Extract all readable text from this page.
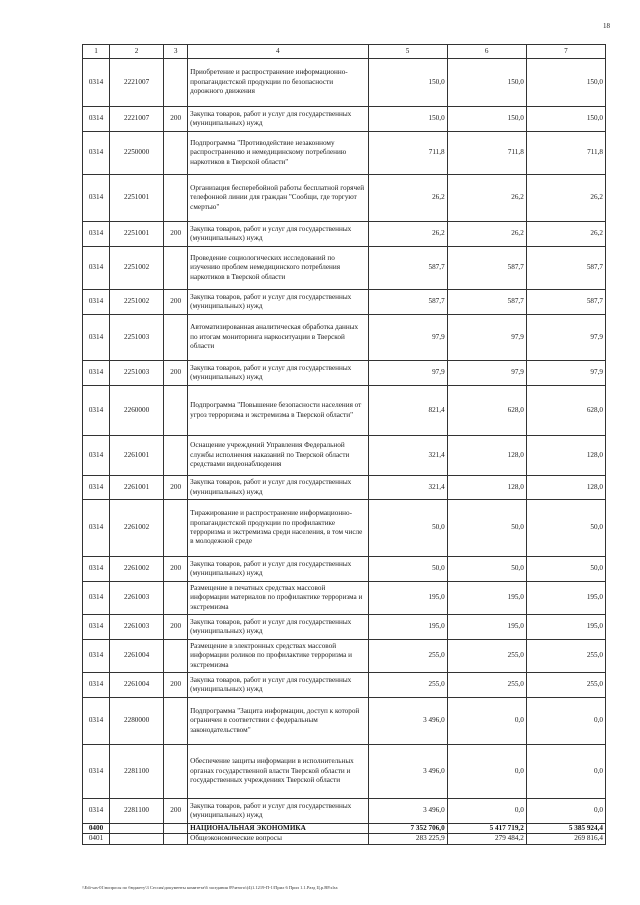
18
1	2	3	4	5	6	7
0314	2221007		Приобретение и распространение информационно-пропагандистской продукции по безопасности дорожного движения	150,0	150,0	150,0
0314	2221007	200	Закупка товаров, работ и услуг для государственных (муниципальных) нужд	150,0	150,0	150,0
0314	2250000		Подпрограмма "Противодействие незаконному распространению и немедицинскому потреблению наркотиков в Тверской области"	711,8	711,8	711,8
0314	2251001		Организация бесперебойной работы бесплатной горячей телефонной линии для граждан "Сообщи, где торгуют смертью"	26,2	26,2	26,2
0314	2251001	200	Закупка товаров, работ и услуг для государственных (муниципальных) нужд	26,2	26,2	26,2
0314	2251002		Проведение социологических исследований по изучению проблем немедицинского потребления наркотиков в Тверской области	587,7	587,7	587,7
0314	2251002	200	Закупка товаров, работ и услуг для государственных (муниципальных) нужд	587,7	587,7	587,7
0314	2251003		Автоматизированная аналитическая обработка данных по итогам мониторинга наркоситуации в Тверской области	97,9	97,9	97,9
0314	2251003	200	Закупка товаров, работ и услуг для государственных (муниципальных) нужд	97,9	97,9	97,9
0314	2260000		Подпрограмма "Повышение безопасности населения от угроз терроризма и экстремизма в Тверской области"	821,4	628,0	628,0
0314	2261001		Оснащение учреждений Управления Федеральной службы исполнения наказаний по Тверской области средствами видеонаблюдения	321,4	128,0	128,0
0314	2261001	200	Закупка товаров, работ и услуг для государственных (муниципальных) нужд	321,4	128,0	128,0
0314	2261002		Тиражирование и распространение информационно-пропагандистской продукции по профилактике терроризма и экстремизма среди населения, в том числе в молодежной среде	50,0	50,0	50,0
0314	2261002	200	Закупка товаров, работ и услуг для государственных (муниципальных) нужд	50,0	50,0	50,0
0314	2261003		Размещение в печатных средствах массовой информации материалов по профилактике терроризма и экстремизма	195,0	195,0	195,0
0314	2261003	200	Закупка товаров, работ и услуг для государственных (муниципальных) нужд	195,0	195,0	195,0
0314	2261004		Размещение в электронных средствах массовой информации роликов по профилактике терроризма и экстремизма	255,0	255,0	255,0
0314	2261004	200	Закупка товаров, работ и услуг для государственных (муниципальных) нужд	255,0	255,0	255,0
0314	2280000		Подпрограмма "Защита информации, доступ к которой ограничен в соответствии с федеральным законодательством"	3 496,0	0,0	0,0
0314	2281100		Обеспечение защиты информации в исполнительных органах государственной власти Тверской области и государственных учреждениях Тверской области	3 496,0	0,0	0,0
0314	2281100	200	Закупка товаров, работ и услуг для государственных (муниципальных) нужд	3 496,0	0,0	0,0
0400			НАЦИОНАЛЬНАЯ ЭКОНОМИКА	7 352 706,0	5 417 719,2	5 385 924,4
0401			Общеэкономические вопросы	283 225,9	279 484,2	269 816,4
\\Edi-sas-01\вопросы по бюджету\3 Сессия\документы комитета\6 заседания 09\итоги\(4)1.1219-П-1\Прил 6 Прил 1.1.Разд Ц.р.ВР.xlsx
